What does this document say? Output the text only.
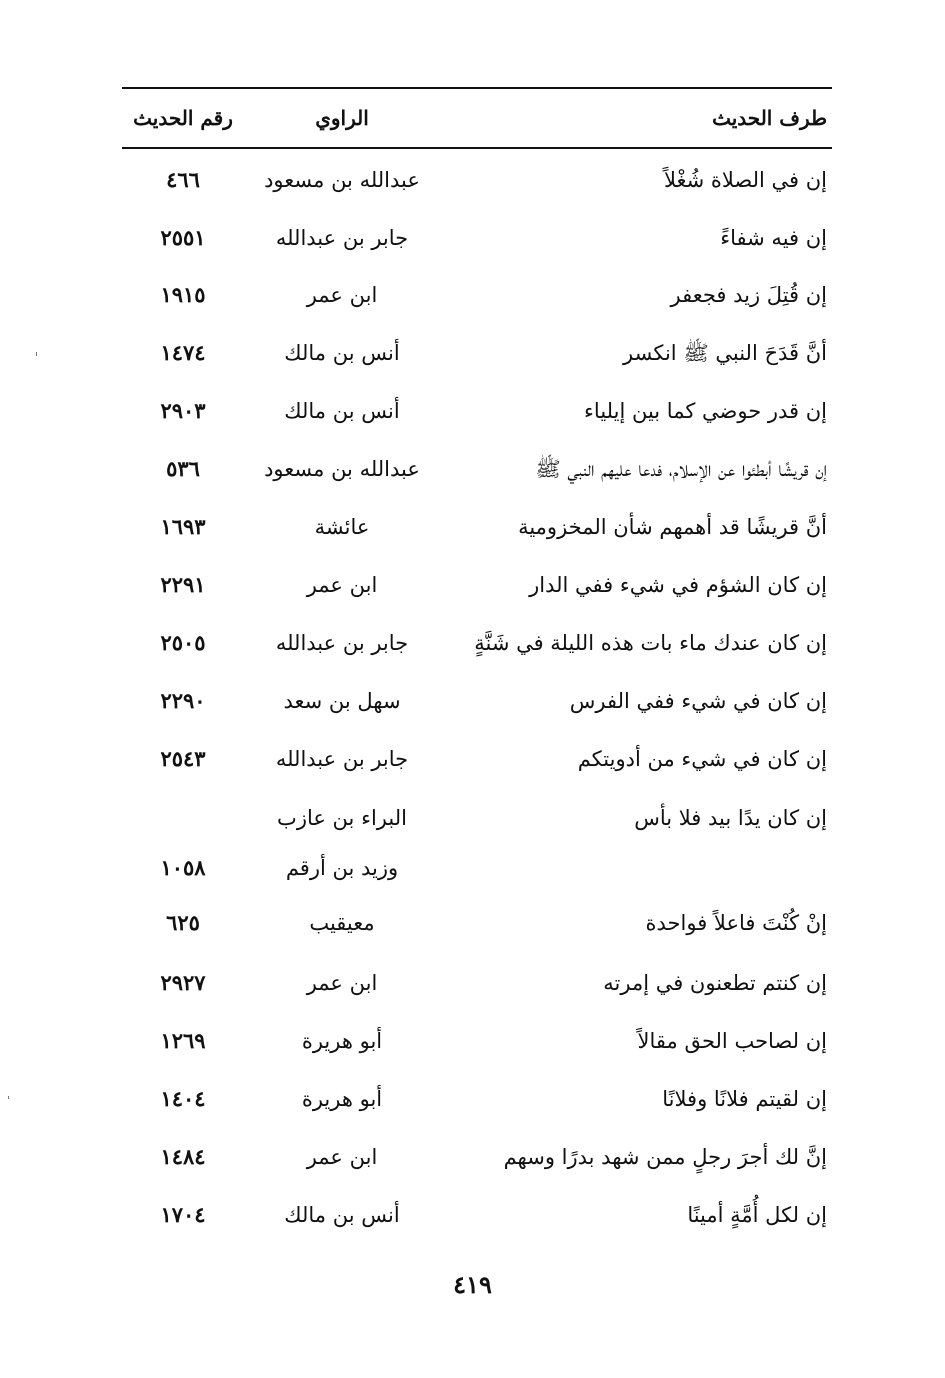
طرف الحديث
الراوي
رقم الحديث
إن في الصلاة شُغْلاً
عبدالله بن مسعود
٤٦٦
إن فيه شفاءً
جابر بن عبدالله
٢٥٥١
إن قُتِلَ زيد فجعفر
ابن عمر
١٩١٥
أنَّ قَدَحَ النبي ﷺ انكسر
أنس بن مالك
١٤٧٤
إن قدر حوضي كما بين إيلياء
أنس بن مالك
٢٩٠٣
إن قريشًا أبطئوا عن الإسلام، فدعا عليهم النبي ﷺ
عبدالله بن مسعود
٥٣٦
أنَّ قريشًا قد أهمهم شأن المخزومية
عائشة
١٦٩٣
إن كان الشؤم في شيء ففي الدار
ابن عمر
٢٢٩١
إن كان عندك ماء بات هذه الليلة في شَنَّةٍ
جابر بن عبدالله
٢٥٠٥
إن كان في شيء ففي الفرس
سهل بن سعد
٢٢٩٠
إن كان في شيء من أدويتكم
جابر بن عبدالله
٢٥٤٣
إن كان يدًا بيد فلا بأس
البراء بن عازب
وزيد بن أرقم
١٠٥٨
إنْ كُنْتَ فاعلاً فواحدة
معيقيب
٦٢٥
إن كنتم تطعنون في إمرته
ابن عمر
٢٩٢٧
إن لصاحب الحق مقالاً
أبو هريرة
١٢٦٩
إن لقيتم فلانًا وفلانًا
أبو هريرة
١٤٠٤
إنَّ لك أجرَ رجلٍ ممن شهد بدرًا وسهم
ابن عمر
١٤٨٤
إن لكل أُمَّةٍ أمينًا
أنس بن مالك
١٧٠٤
٤١٩
